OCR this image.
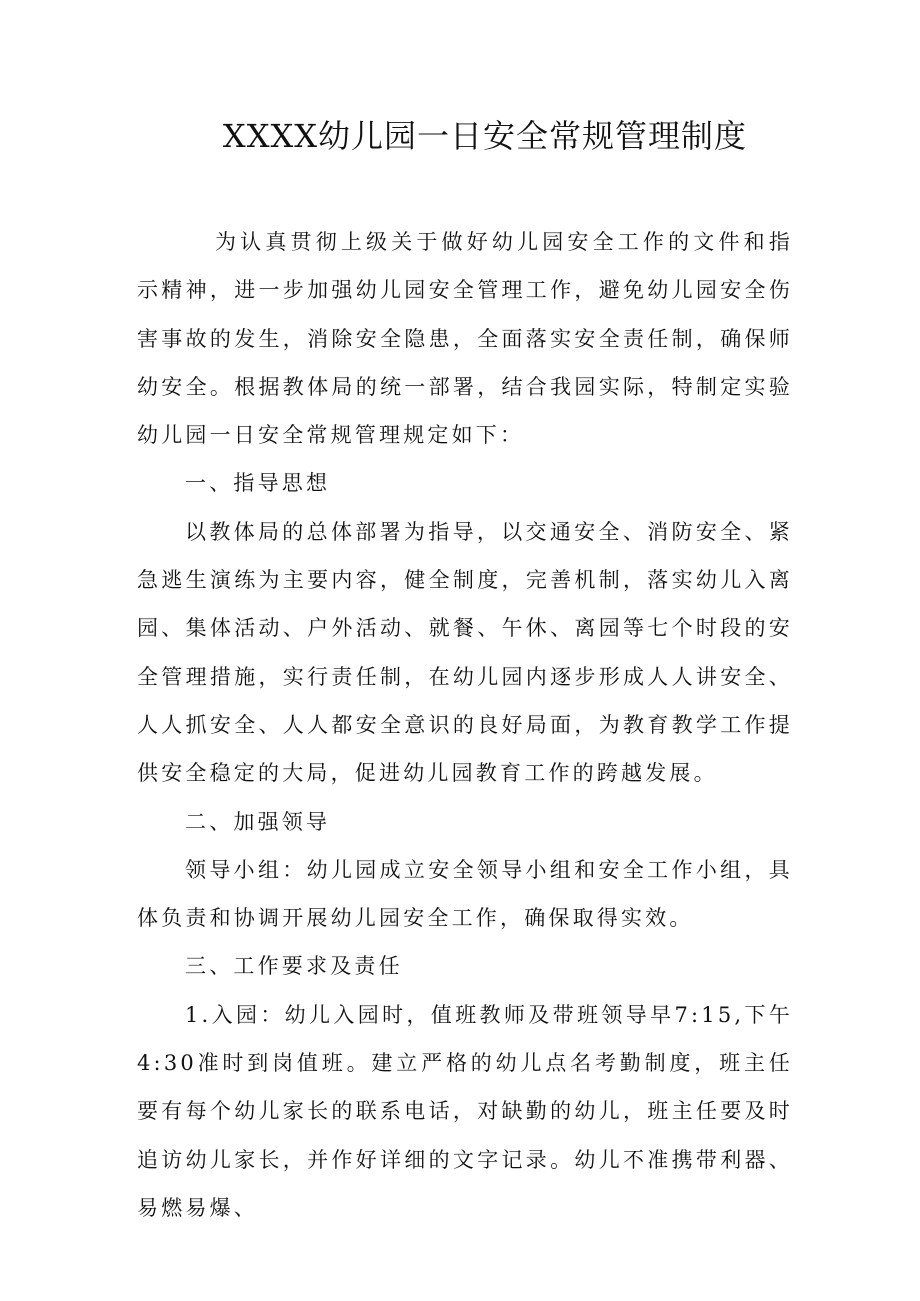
XXXX幼儿园一日安全常规管理制度

为认真贯彻上级关于做好幼儿园安全工作的文件和指示精神，进一步加强幼儿园安全管理工作，避免幼儿园安全伤害事故的发生，消除安全隐患，全面落实安全责任制，确保师幼安全。根据教体局的统一部署，结合我园实际，特制定实验幼儿园一日安全常规管理规定如下：

一、指导思想

以教体局的总体部署为指导，以交通安全、消防安全、紧急逃生演练为主要内容，健全制度，完善机制，落实幼儿入离园、集体活动、户外活动、就餐、午休、离园等七个时段的安全管理措施，实行责任制，在幼儿园内逐步形成人人讲安全、人人抓安全、人人都安全意识的良好局面，为教育教学工作提供安全稳定的大局，促进幼儿园教育工作的跨越发展。

二、加强领导

领导小组：幼儿园成立安全领导小组和安全工作小组，具体负责和协调开展幼儿园安全工作，确保取得实效。

三、工作要求及责任

1.入园：幼儿入园时，值班教师及带班领导早7:15,下午4:30准时到岗值班。建立严格的幼儿点名考勤制度，班主任要有每个幼儿家长的联系电话，对缺勤的幼儿，班主任要及时追访幼儿家长，并作好详细的文字记录。幼儿不准携带利器、易燃易爆、
